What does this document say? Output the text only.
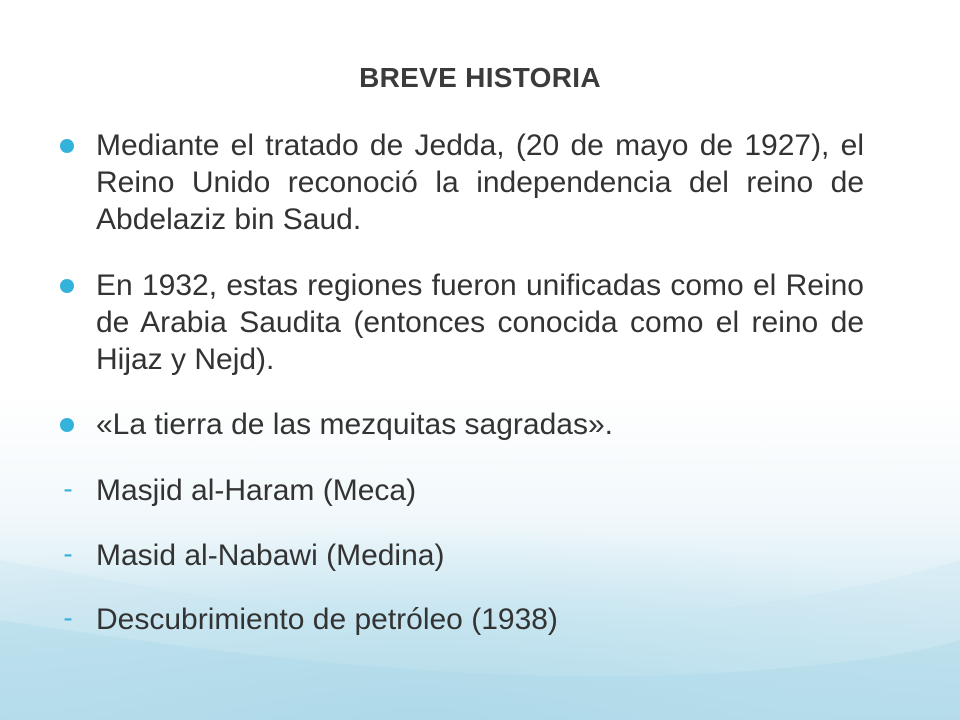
BREVE HISTORIA
Mediante el tratado de Jedda, (20 de mayo de 1927), el Reino Unido reconoció la independencia del reino de Abdelaziz bin Saud.
En 1932, estas regiones fueron unificadas como el Reino de Arabia Saudita (entonces conocida como el reino de Hijaz y Nejd).
«La tierra de las mezquitas sagradas».
- Masjid al-Haram (Meca)
- Masid al-Nabawi (Medina)
- Descubrimiento de petróleo (1938)
